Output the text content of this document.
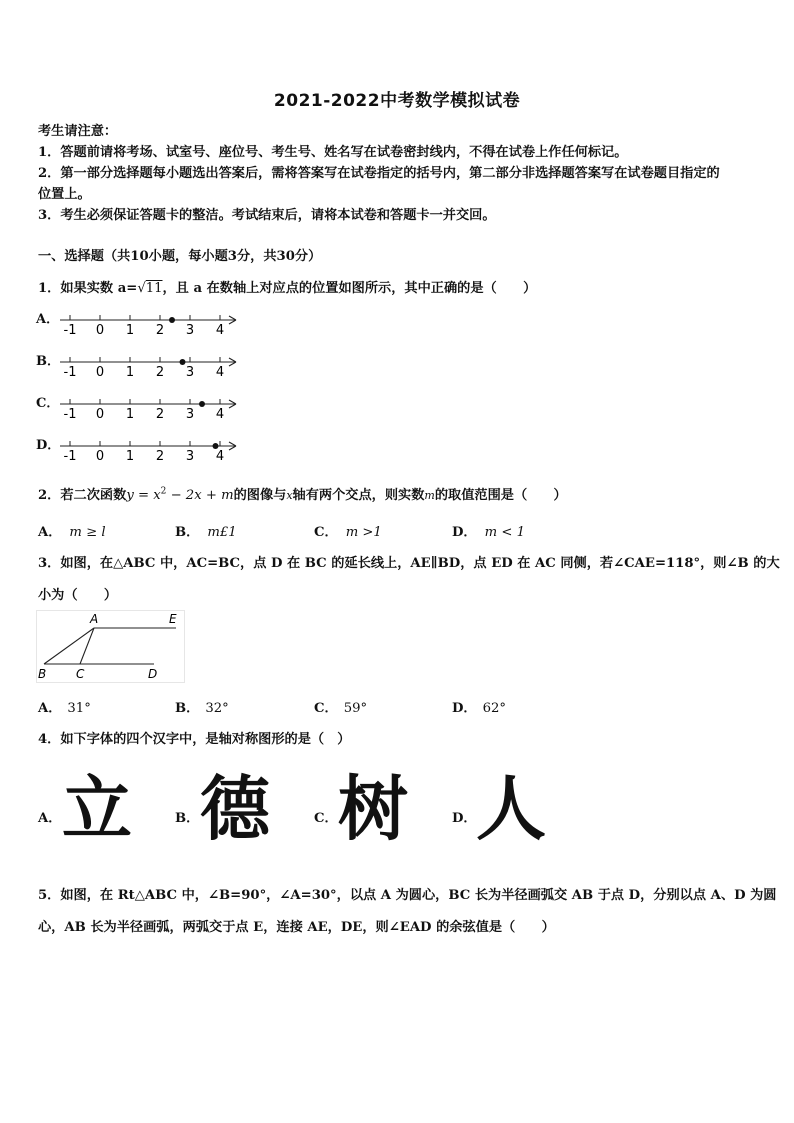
2021-2022中考数学模拟试卷
考生请注意：
1．答题前请将考场、试室号、座位号、考生号、姓名写在试卷密封线内，不得在试卷上作任何标记。
2．第一部分选择题每小题选出答案后，需将答案写在试卷指定的括号内，第二部分非选择题答案写在试卷题目指定的
位置上。
3．考生必须保证答题卡的整洁。考试结束后，请将本试卷和答题卡一并交回。
一、选择题（共10小题，每小题3分，共30分）
1．如果实数 a=√11，且 a 在数轴上对应点的位置如图所示，其中正确的是（　　）
A．
B．
C．
D．
-1 0 1 2 3 4
-1 0 1 2 3 4
-1 0 1 2 3 4
-1 0 1 2 3 4
2．若二次函数$y = x^2 - 2x + m$的图像与x轴有两个交点，则实数m的取值范围是（　　）
A． m ≥ l	B． m£1	C． m >1	D． m < 1
3．如图，在△ABC 中，AC=BC，点 D 在 BC 的延长线上，AE∥BD，点 ED 在 AC 同侧，若∠CAE=118°，则∠B 的大
小为（　　）
A	E
B C	D
A． 31°	B． 32°	C． 59°	D． 62°
4．如下字体的四个汉字中，是轴对称图形的是（　）
A． 立	B． 德	C． 树	D． 人
5．如图，在 Rt△ABC 中，∠B=90°，∠A=30°，以点 A 为圆心，BC 长为半径画弧交 AB 于点 D，分别以点 A、D 为圆
心，AB 长为半径画弧，两弧交于点 E，连接 AE，DE，则∠EAD 的余弦值是（　　）
